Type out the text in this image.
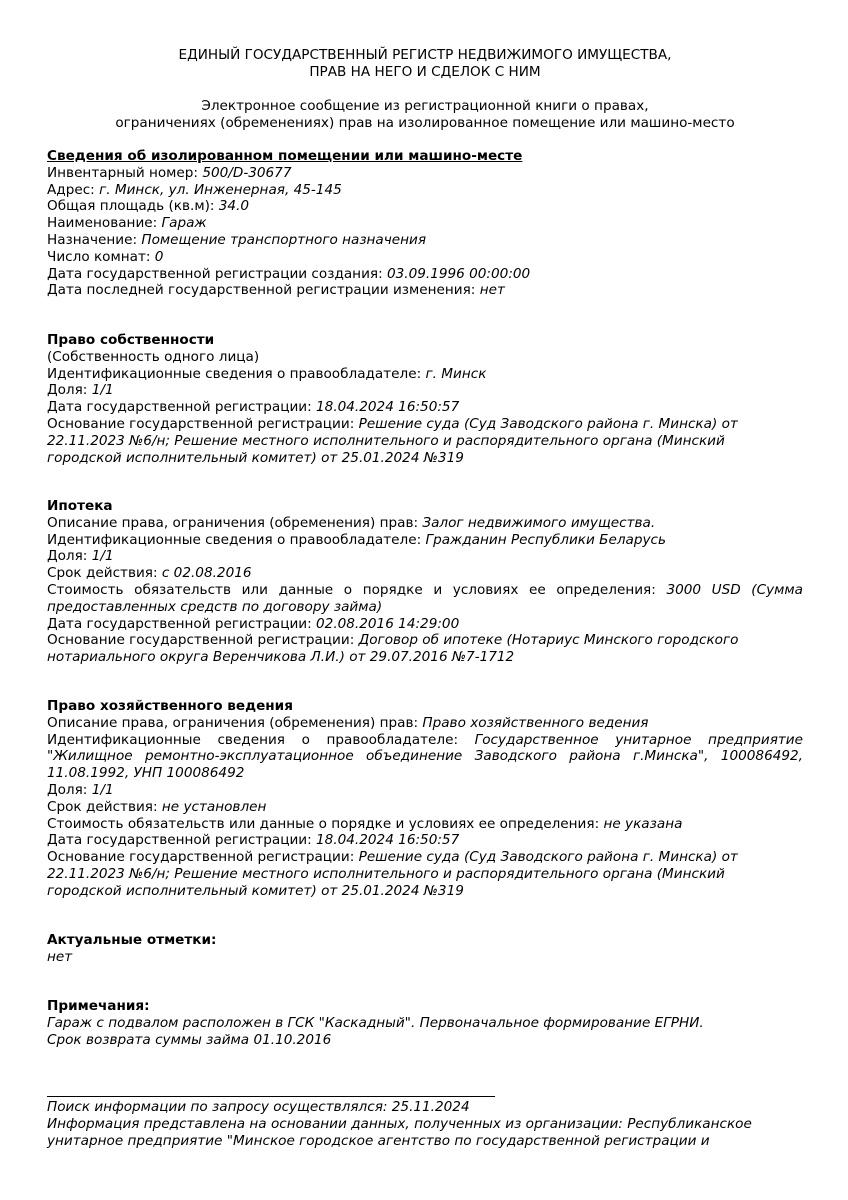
ЕДИНЫЙ ГОСУДАРСТВЕННЫЙ РЕГИСТР НЕДВИЖИМОГО ИМУЩЕСТВА,
ПРАВ НА НЕГО И СДЕЛОК С НИМ
Электронное сообщение из регистрационной книги о правах,
ограничениях (обременениях) прав на изолированное помещение или машино-место
Сведения об изолированном помещении или машино-месте
Инвентарный номер: 500/D-30677
Адрес: г. Минск, ул. Инженерная, 45-145
Общая площадь (кв.м): 34.0
Наименование: Гараж
Назначение: Помещение транспортного назначения
Число комнат: 0
Дата государственной регистрации создания: 03.09.1996 00:00:00
Дата последней государственной регистрации изменения: нет
Право собственности
(Собственность одного лица)
Идентификационные сведения о правообладателе: г. Минск
Доля: 1/1
Дата государственной регистрации: 18.04.2024 16:50:57
Основание государственной регистрации: Решение суда (Суд Заводского района г. Минска) от 22.11.2023 №6/н; Решение местного исполнительного и распорядительного органа (Минский городской исполнительный комитет) от 25.01.2024 №319
Ипотека
Описание права, ограничения (обременения) прав: Залог недвижимого имущества.
Идентификационные сведения о правообладателе: Гражданин Республики Беларусь
Доля: 1/1
Срок действия: с 02.08.2016
Стоимость обязательств или данные о порядке и условиях ее определения: 3000 USD (Сумма предоставленных средств по договору займа)
Дата государственной регистрации: 02.08.2016 14:29:00
Основание государственной регистрации: Договор об ипотеке (Нотариус Минского городского нотариального округа Веренчикова Л.И.) от 29.07.2016 №7-1712
Право хозяйственного ведения
Описание права, ограничения (обременения) прав: Право хозяйственного ведения
Идентификационные сведения о правообладателе: Государственное унитарное предприятие "Жилищное ремонтно-эксплуатационное объединение Заводского района г.Минска", 100086492, 11.08.1992, УНП 100086492
Доля: 1/1
Срок действия: не установлен
Стоимость обязательств или данные о порядке и условиях ее определения: не указана
Дата государственной регистрации: 18.04.2024 16:50:57
Основание государственной регистрации: Решение суда (Суд Заводского района г. Минска) от 22.11.2023 №6/н; Решение местного исполнительного и распорядительного органа (Минский городской исполнительный комитет) от 25.01.2024 №319
Актуальные отметки:
нет
Примечания:
Гараж с подвалом расположен в ГСК "Каскадный". Первоначальное формирование ЕГРНИ.
Срок возврата суммы займа 01.10.2016
Поиск информации по запросу осуществлялся: 25.11.2024
Информация представлена на основании данных, полученных из организации: Республиканское унитарное предприятие "Минское городское агентство по государственной регистрации и
